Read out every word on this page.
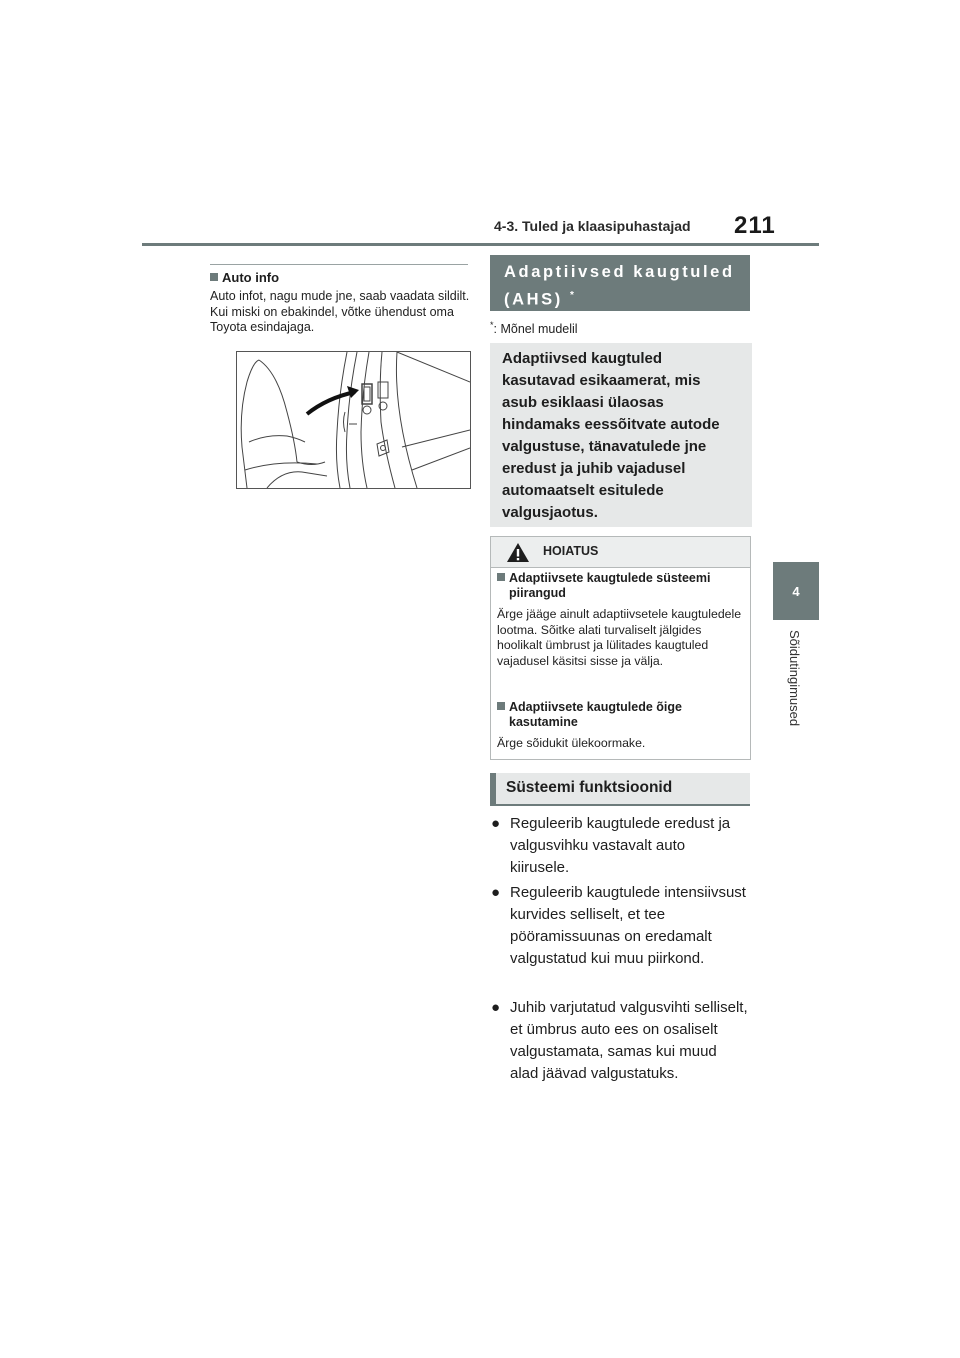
4-3. Tuled ja klaasipuhastajad 211
4
Sõidutingimused
Auto info
Auto infot, nagu mude jne, saab vaadata sildilt. Kui miski on ebakindel, võtke ühendust oma Toyota esindajaga.
Adaptiivsed kaugtuled
(AHS) *
*: Mõnel mudelil
Adaptiivsed kaugtuled
kasutavad esikaamerat, mis
asub esiklaasi ülaosas
hindamaks eessõitvate autode
valgustuse, tänavatulede jne
eredust ja juhib vajadusel
automaatselt esitulede
valgusjaotus.
HOIATUS
Adaptiivsete kaugtulede süsteemi piirangud
Ärge jääge ainult adaptiivsetele kaugtuledele lootma. Sõitke alati turvaliselt jälgides hoolikalt ümbrust ja lülitades kaugtuled vajadusel käsitsi sisse ja välja.
Adaptiivsete kaugtulede õige kasutamine
Ärge sõidukit ülekoormake.
Süsteemi funktsioonid
● Reguleerib kaugtulede eredust ja valgusvihku vastavalt auto kiirusele.
● Reguleerib kaugtulede intensiivsust kurvides selliselt, et tee pööramissuunas on eredamalt valgustatud kui muu piirkond.
● Juhib varjutatud valgusvihti selliselt, et ümbrus auto ees on osaliselt valgustamata, samas kui muud alad jäävad valgustatuks.
